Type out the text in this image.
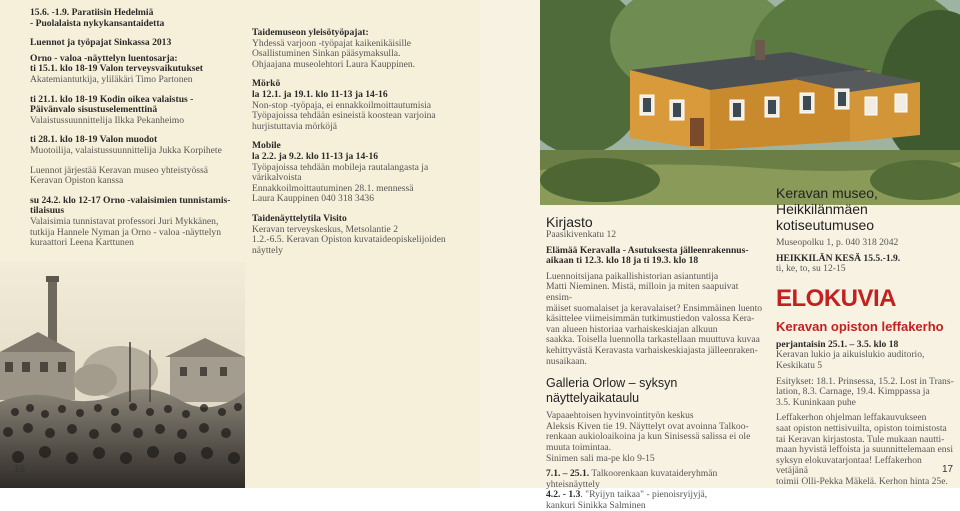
15.6. -1.9. Paratiisin Hedelmiä
- Puolalaista nykykansantaidetta
Luennot ja työpajat Sinkassa 2013
Orno - valoa -näyttelyn luentosarja:
ti 15.1. klo 18-19 Valon terveysvaikutukset
Akatemiantutkija, yliläkäri Timo Partonen
ti 21.1. klo 18-19 Kodin oikea valaistus -
Päivänvalo sisustuselementtinä
Valaistussuunnittelija Ilkka Pekanheimo
ti 28.1. klo 18-19 Valon muodot
Muotoilija, valaistussuunnittelija Jukka Korpihete
Luennot järjestää Keravan museo yhteistyössä
Keravan Opiston kanssa
su 24.2. klo 12-17 Orno -valaisimien tunnistamis-
tilaisuus
Valaisimia tunnistavat professori Juri Mykkänen,
tutkija Hannele Nyman ja Orno - valoa -näyttelyn
kuraattori Leena Karttunen
Taidemuseon yleisötyöpajat:
Yhdessä varjoon -työpajat kaikenikäisille
Osallistuminen Sinkan pääsymaksulla.
Ohjaajana museolehtori Laura Kauppinen.
Mörkö
la 12.1. ja 19.1. klo 11-13 ja 14-16
Non-stop -työpaja, ei ennakkoilmoittautumisia
Työpajoissa tehdään esineistä koostean varjoina
hurjistuttavia mörköjä
Mobile
la 2.2. ja 9.2. klo 11-13 ja 14-16
Työpajoissa tehdään mobileja rautalangasta ja
värikalvoista
Ennakkoilmoittautuminen 28.1. mennessä
Laura Kauppinen 040 318 3436
Taidenäyttelytila Visito
Keravan terveyskeskus, Metsolantie 2
1.2.-6.5. Keravan Opiston kuvataideopiskelijoiden
näyttely
16
Kirjasto
Paasikivenkatu 12
Elämää Keravalla - Asutuksesta jälleenrakennus-
aikaan ti 12.3. klo 18 ja ti 19.3. klo 18
Luennoitsijana paikallishistorian asiantuntija
Matti Nieminen. Mistä, milloin ja miten saapuivat ensim-
mäiset suomalaiset ja keravalaiset? Ensimmäinen luento
käsittelee viimeisimmän tutkimustiedon valossa Kera-
van alueen historiaa varhaiskeskiajan alkuun
saakka. Toisella luennolla tarkastellaan muuttuva kuvaa
kehittyvästä Keravasta varhaiskeskiajasta jälleenraken-
nusaikaan.
Galleria Orlow – syksyn näyttelyaikataulu
Vapaaehtoisen hyvinvointityön keskus
Aleksis Kiven tie 19. Näyttelyt ovat avoinna Talkoo-
renkaan aukioloaikoina ja kun Sinisessä salissa ei ole
muuta toimintaa.
Sinimen sali ma-pe klo 9-15
7.1. – 25.1. Talkoorenkaan kuvataideryhmän yhteisnäyttely
4.2. - 1.3. "Ryijyn taikaa" - pienoisryijyjä,
kankuri Sinikka Salminen
Keravan museo,
Heikkilänmäen kotiseutumuseo
Museopolku 1, p. 040 318 2042
HEIKKILÄN KESÄ 15.5.-1.9.
ti, ke, to, su 12-15
ELOKUVIA
Keravan opiston leffakerho
perjantaisin 25.1. – 3.5. klo 18
Keravan lukio ja aikuislukio auditorio,
Keskikatu 5
Esitykset: 18.1. Prinsessa, 15.2. Lost in Trans-
lation, 8.3. Carnage, 19.4. Kimppassa ja
3.5. Kuninkaan puhe
Leffakerhon ohjelman leffakauvukseen
saat opiston nettisivuilta, opiston toimistosta
tai Keravan kirjastosta. Tule mukaan nautti-
maan hyvistä leffoista ja suunnittelemaan ensi
syksyn elokuvatarjontaa! Leffakerhon vetäjänä
toimii Olli-Pekka Mäkelä. Kerhon hinta 25e.
17
